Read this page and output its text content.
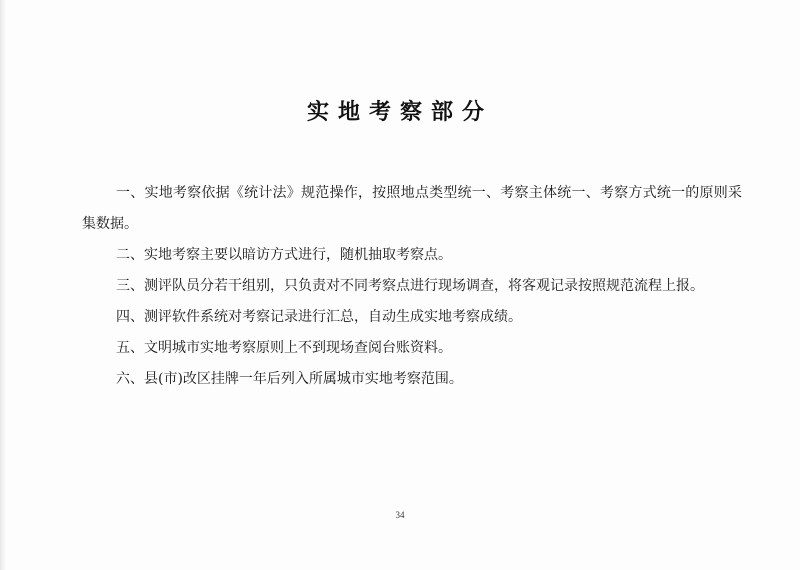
实地考察部分

一、实地考察依据《统计法》规范操作，按照地点类型统一、考察主体统一、考察方式统一的原则采集数据。

二、实地考察主要以暗访方式进行，随机抽取考察点。

三、测评队员分若干组别，只负责对不同考察点进行现场调查，将客观记录按照规范流程上报。

四、测评软件系统对考察记录进行汇总，自动生成实地考察成绩。

五、文明城市实地考察原则上不到现场查阅台账资料。

六、县(市)改区挂牌一年后列入所属城市实地考察范围。

34
